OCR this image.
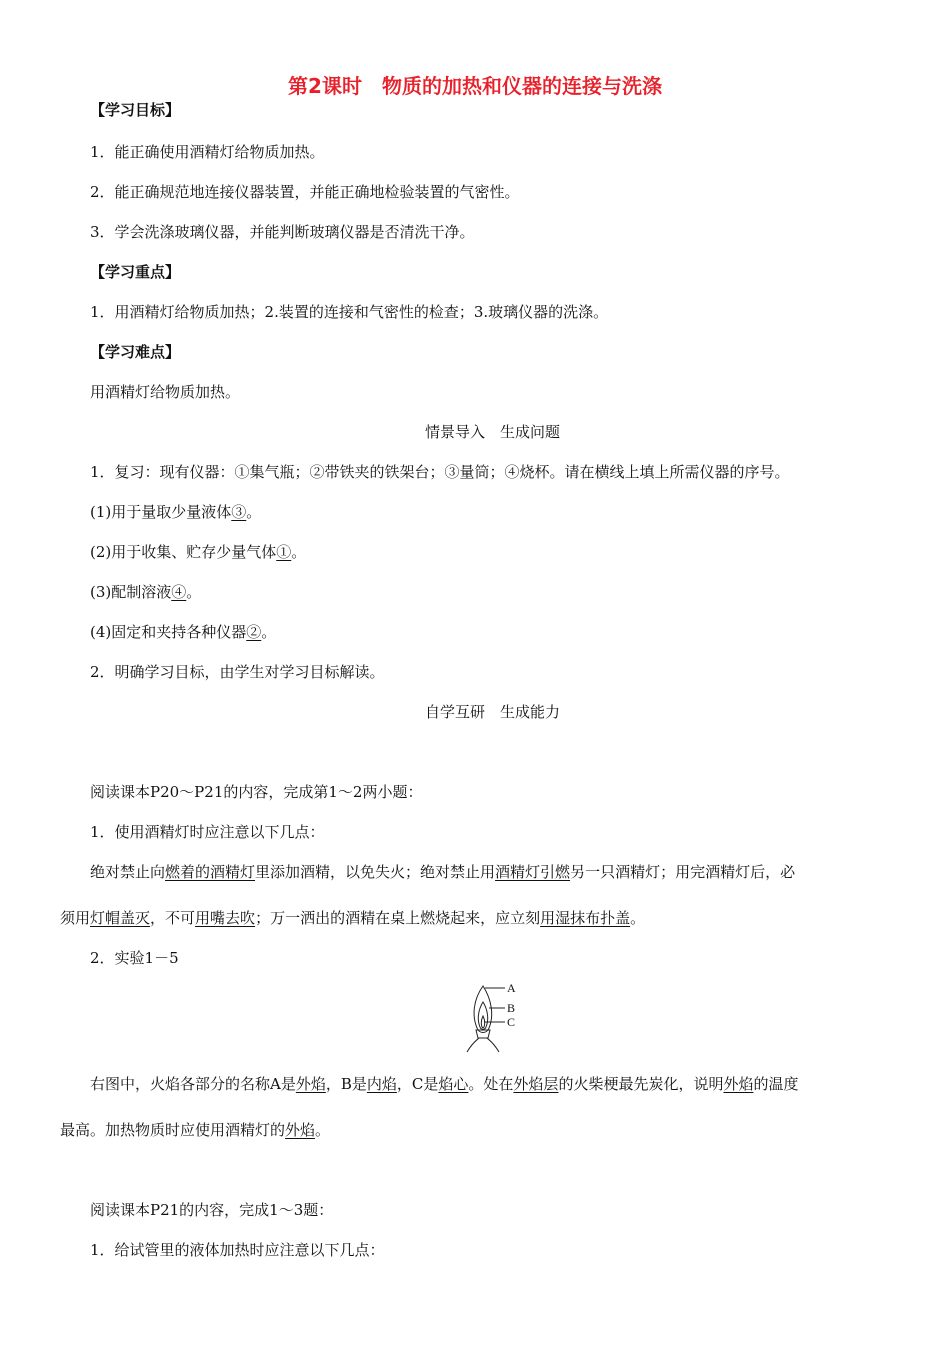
第2课时　物质的加热和仪器的连接与洗涤
【学习目标】
1．能正确使用酒精灯给物质加热。
2．能正确规范地连接仪器装置，并能正确地检验装置的气密性。
3．学会洗涤玻璃仪器，并能判断玻璃仪器是否清洗干净。
【学习重点】
1．用酒精灯给物质加热；2.装置的连接和气密性的检查；3.玻璃仪器的洗涤。
【学习难点】
用酒精灯给物质加热。
情景导入　生成问题
1．复习：现有仪器：①集气瓶；②带铁夹的铁架台；③量筒；④烧杯。请在横线上填上所需仪器的序号。
(1)用于量取少量液体③。
(2)用于收集、贮存少量气体①。
(3)配制溶液④。
(4)固定和夹持各种仪器②。
2．明确学习目标，由学生对学习目标解读。
自学互研　生成能力
阅读课本P20～P21的内容，完成第1～2两小题：
1．使用酒精灯时应注意以下几点：
绝对禁止向燃着的酒精灯里添加酒精，以免失火；绝对禁止用酒精灯引燃另一只酒精灯；用完酒精灯后，必
须用灯帽盖灭，不可用嘴去吹；万一洒出的酒精在桌上燃烧起来，应立刻用湿抹布扑盖。
2．实验1－5
A
B
C
右图中，火焰各部分的名称A是外焰，B是内焰，C是焰心。处在外焰层的火柴梗最先炭化，说明外焰的温度
最高。加热物质时应使用酒精灯的外焰。
阅读课本P21的内容，完成1～3题：
1．给试管里的液体加热时应注意以下几点：
